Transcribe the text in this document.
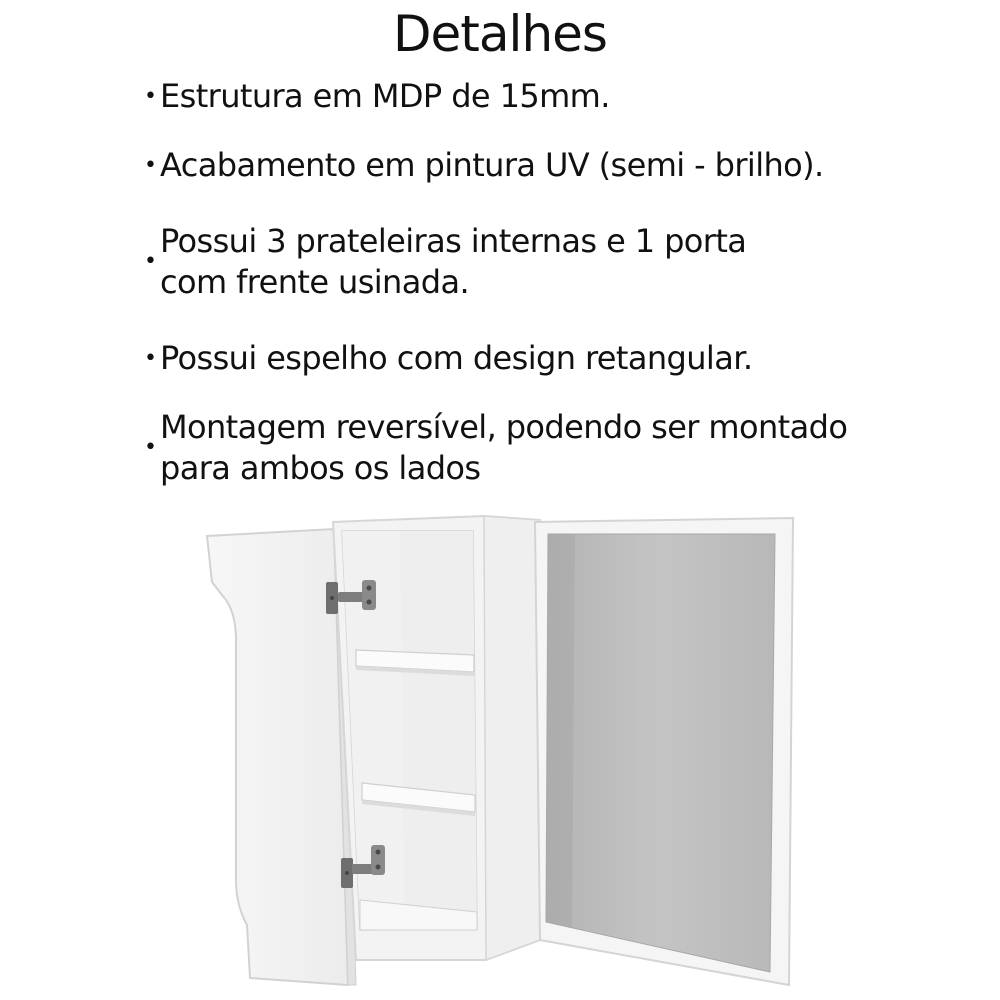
Detalhes
• Estrutura em MDP de 15mm.
• Acabamento em pintura UV (semi - brilho).
•
Possui 3 prateleiras internas e 1 porta
com frente usinada.
• Possui espelho com design retangular.
•
Montagem reversível, podendo ser montado
para ambos os lados
